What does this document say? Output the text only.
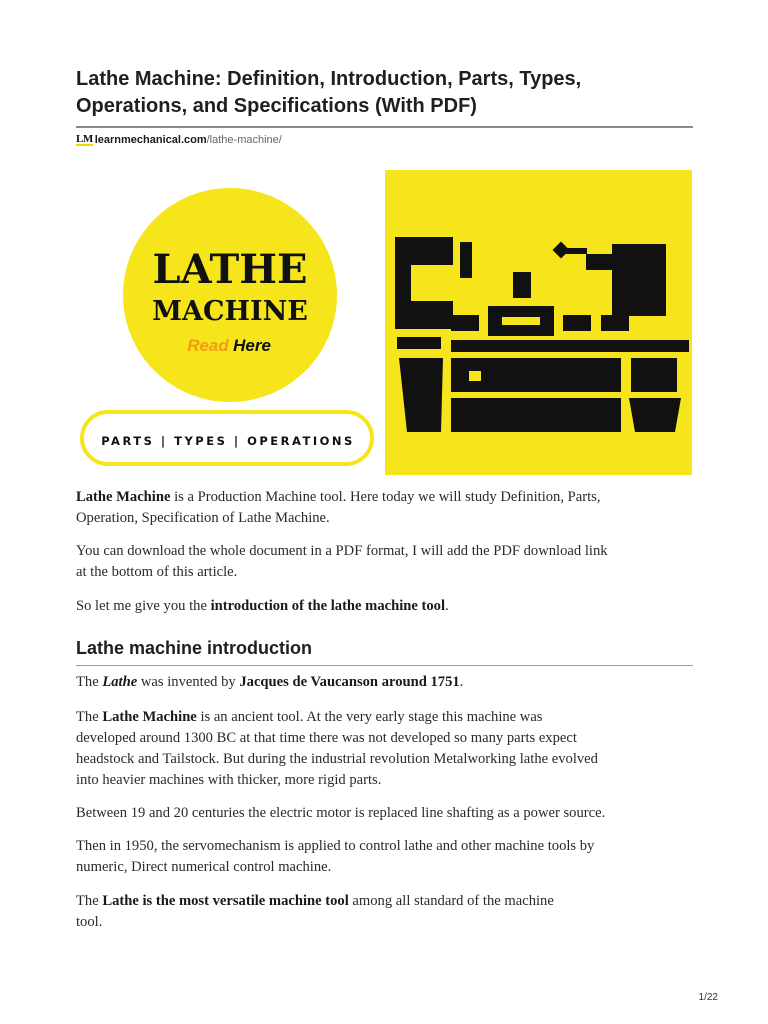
Lathe Machine: Definition, Introduction, Parts, Types,
Operations, and Specifications (With PDF)
LM learnmechanical.com /lathe-machine/
LATHE
MACHINE
Read Here
PARTS | TYPES | OPERATIONS

Lathe Machine is a Production Machine tool. Here today we will study Definition, Parts,
Operation, Specification of Lathe Machine.

You can download the whole document in a PDF format, I will add the PDF download link
at the bottom of this article.

So let me give you the introduction of the lathe machine tool.

Lathe machine introduction

The Lathe was invented by Jacques de Vaucanson around 1751.

The Lathe Machine is an ancient tool. At the very early stage this machine was
developed around 1300 BC at that time there was not developed so many parts expect
headstock and Tailstock. But during the industrial revolution Metalworking lathe evolved
into heavier machines with thicker, more rigid parts.

Between 19 and 20 centuries the electric motor is replaced line shafting as a power source.

Then in 1950, the servomechanism is applied to control lathe and other machine tools by
numeric, Direct numerical control machine.

The Lathe is the most versatile machine tool among all standard of the machine
tool.

1/22
